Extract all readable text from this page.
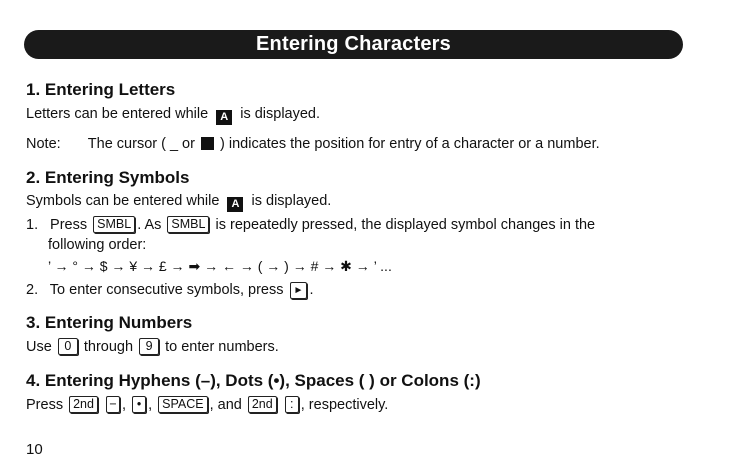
Entering Characters
1. Entering Letters
Letters can be entered while A is displayed.
Note: The cursor ( _ or ) indicates the position for entry of a character or a number.
2. Entering Symbols
Symbols can be entered while A is displayed.
1. Press SMBL . As SMBL is repeatedly pressed, the displayed symbol changes in the
following order:
’ → ° → $ → ¥ → £ → ➡ → ← → ( → ) → # → ✱ → ’ ...
2. To enter consecutive symbols, press ► .
3. Entering Numbers
Use 0 through 9 to enter numbers.
4. Entering Hyphens (–), Dots (•), Spaces ( ) or Colons (:)
Press 2nd − , • , SPACE , and 2nd : , respectively.
10
